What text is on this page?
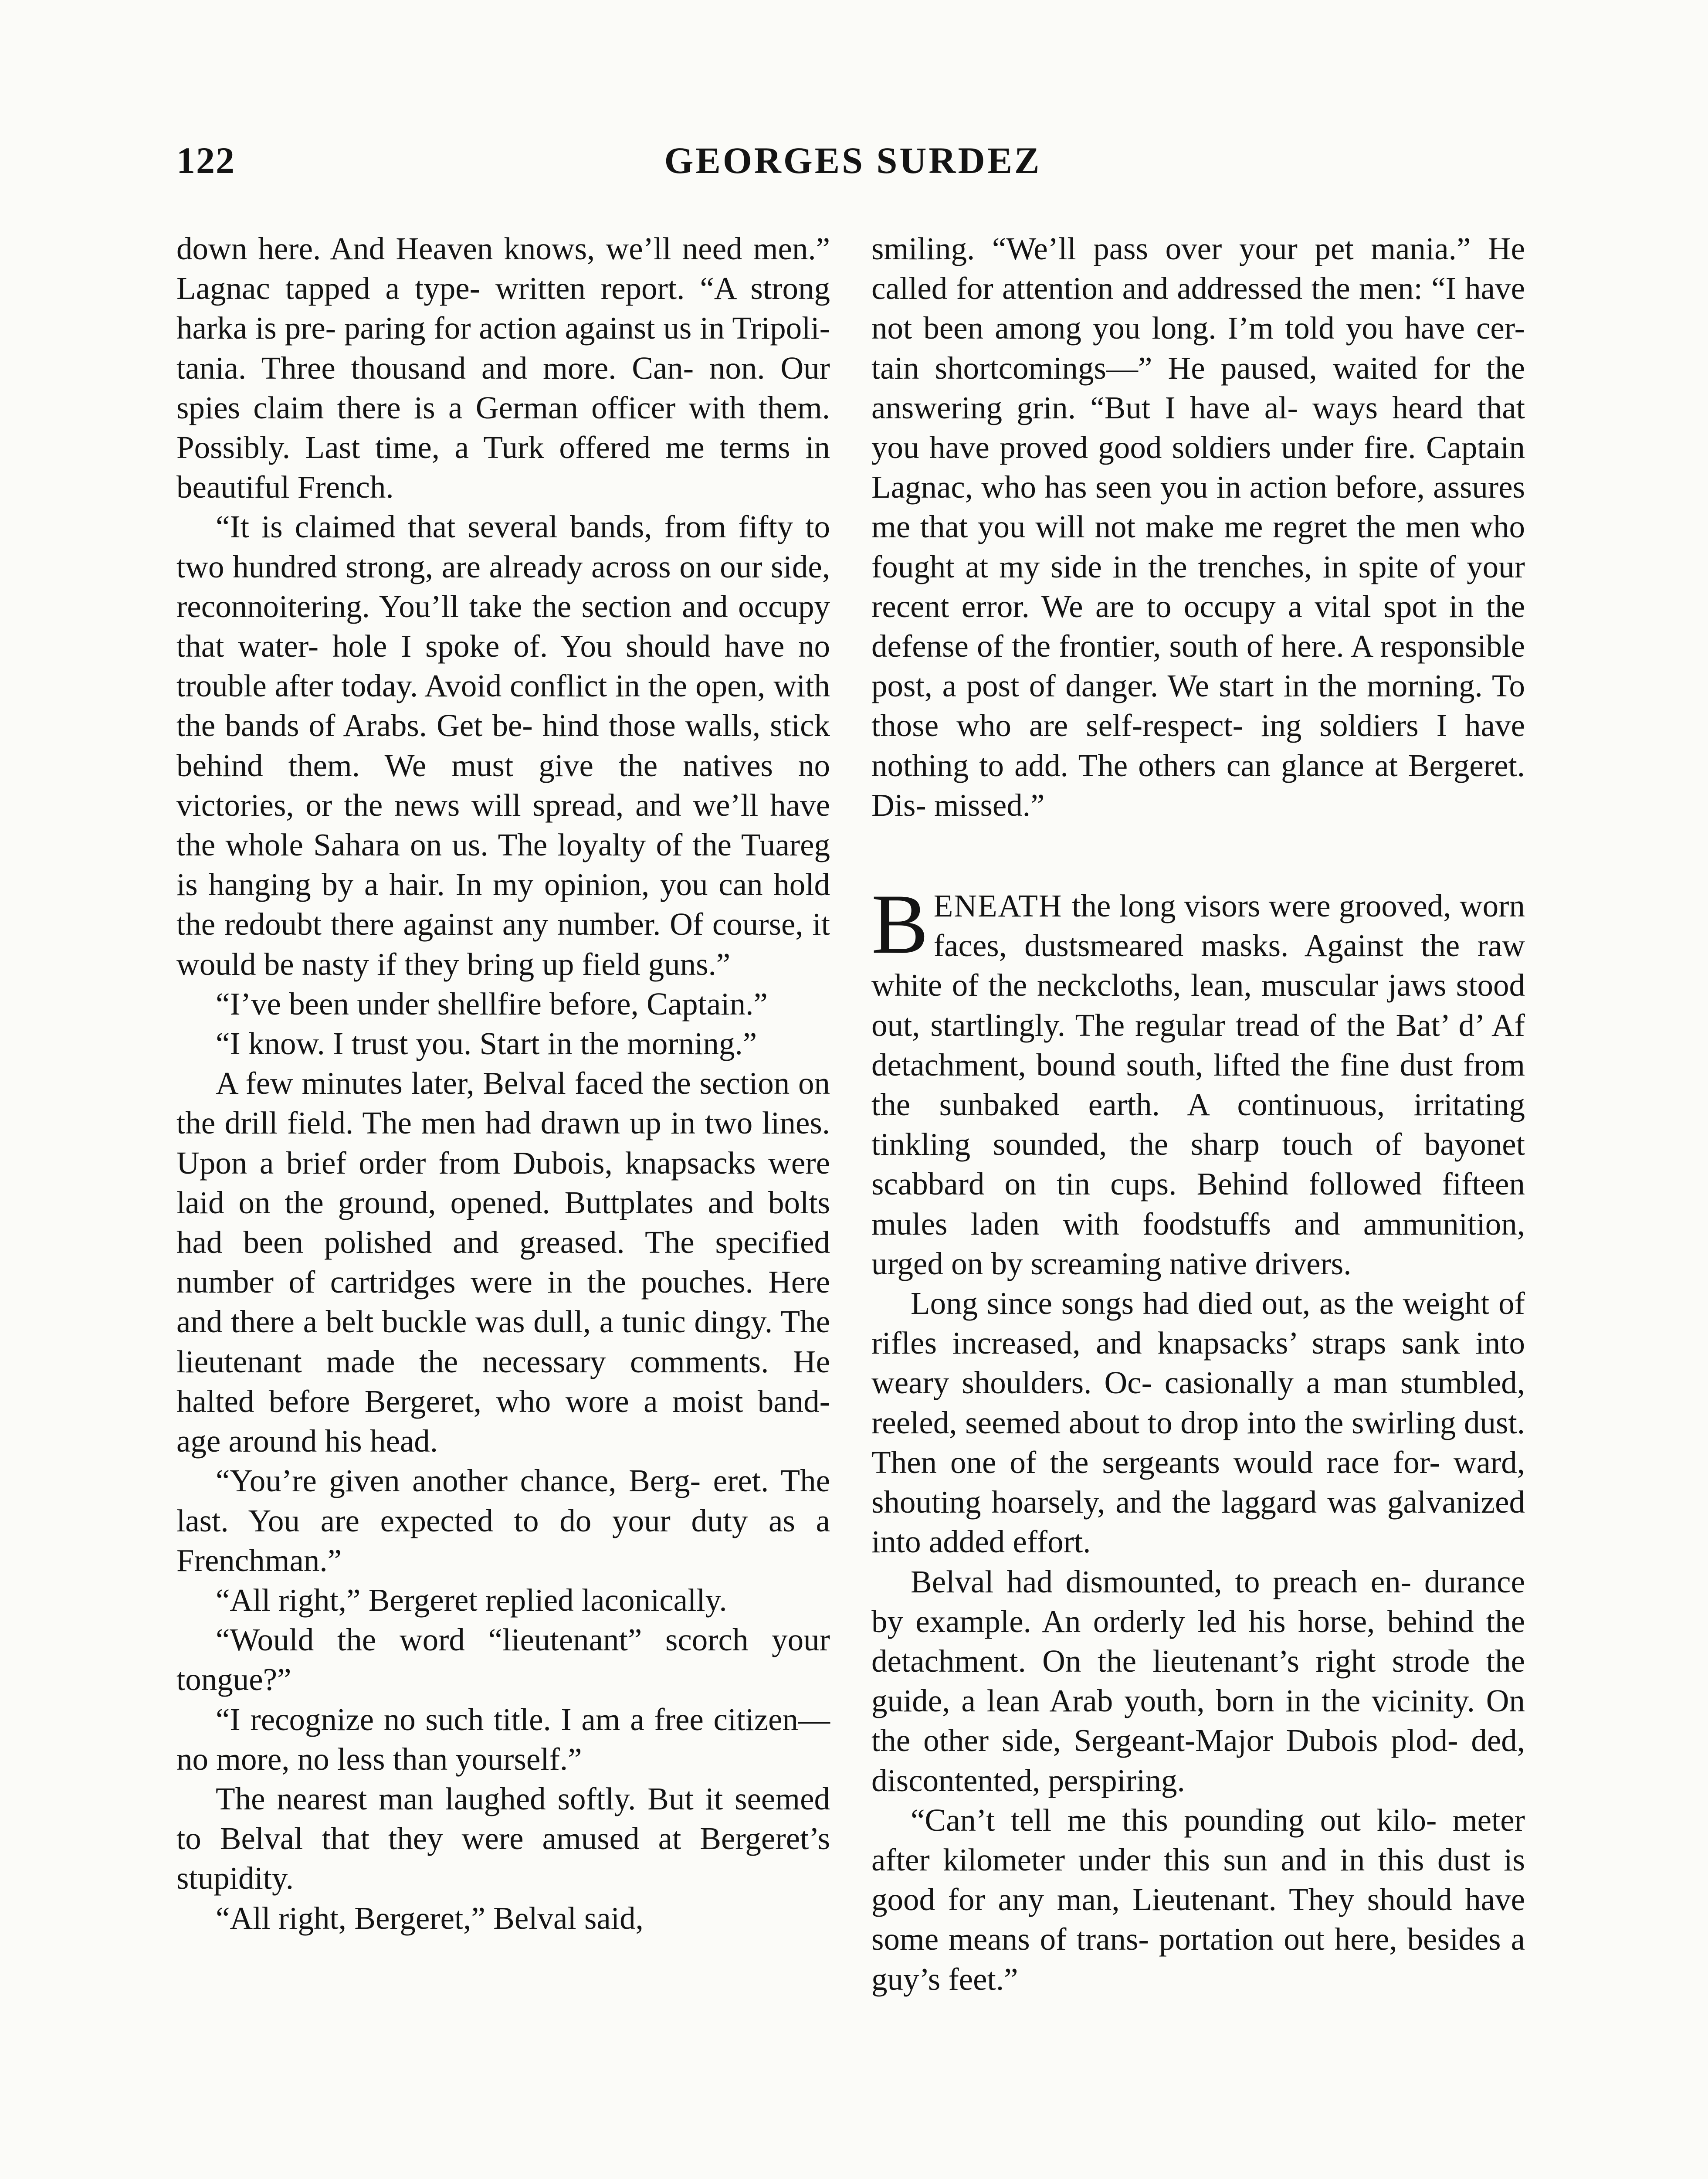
122	GEORGES SURDEZ

down here. And Heaven knows, we’ll need men.” Lagnac tapped a type- written report. “A strong harka is pre- paring for action against us in Tripoli- tania. Three thousand and more. Can- non. Our spies claim there is a German officer with them. Possibly. Last time, a Turk offered me terms in beautiful French.

“It is claimed that several bands, from fifty to two hundred strong, are already across on our side, reconnoitering. You’ll take the section and occupy that water- hole I spoke of. You should have no trouble after today. Avoid conflict in the open, with the bands of Arabs. Get be- hind those walls, stick behind them. We must give the natives no victories, or the news will spread, and we’ll have the whole Sahara on us. The loyalty of the Tuareg is hanging by a hair. In my opinion, you can hold the redoubt there against any number. Of course, it would be nasty if they bring up field guns.”

“I’ve been under shellfire before, Captain.”

“I know. I trust you. Start in the morning.”

A few minutes later, Belval faced the section on the drill field. The men had drawn up in two lines. Upon a brief order from Dubois, knapsacks were laid on the ground, opened. Buttplates and bolts had been polished and greased. The specified number of cartridges were in the pouches. Here and there a belt buckle was dull, a tunic dingy. The lieutenant made the necessary comments. He halted before Bergeret, who wore a moist band- age around his head.

“You’re given another chance, Berg- eret. The last. You are expected to do your duty as a Frenchman.”

“All right,” Bergeret replied laconically.

“Would the word “lieutenant” scorch your tongue?”

“I recognize no such title. I am a free citizen—no more, no less than yourself.”

The nearest man laughed softly. But it seemed to Belval that they were amused at Bergeret’s stupidity.

“All right, Bergeret,” Belval said,

smiling. “We’ll pass over your pet mania.” He called for attention and addressed the men: “I have not been among you long. I’m told you have cer- tain shortcomings—” He paused, waited for the answering grin. “But I have al- ways heard that you have proved good soldiers under fire. Captain Lagnac, who has seen you in action before, assures me that you will not make me regret the men who fought at my side in the trenches, in spite of your recent error. We are to occupy a vital spot in the defense of the frontier, south of here. A responsible post, a post of danger. We start in the morning. To those who are self-respect- ing soldiers I have nothing to add. The others can glance at Bergeret. Dis- missed.”

B ENEATH the long visors were grooved, worn faces, dustsmeared masks. Against the raw white of the neckcloths, lean, muscular jaws stood out, startlingly. The regular tread of the Bat’ d’ Af detachment, bound south, lifted the fine dust from the sunbaked earth. A continuous, irritating tinkling sounded, the sharp touch of bayonet scabbard on tin cups. Behind followed fifteen mules laden with foodstuffs and ammunition, urged on by screaming native drivers.

Long since songs had died out, as the weight of rifles increased, and knapsacks’ straps sank into weary shoulders. Oc- casionally a man stumbled, reeled, seemed about to drop into the swirling dust. Then one of the sergeants would race for- ward, shouting hoarsely, and the laggard was galvanized into added effort.

Belval had dismounted, to preach en- durance by example. An orderly led his horse, behind the detachment. On the lieutenant’s right strode the guide, a lean Arab youth, born in the vicinity. On the other side, Sergeant-Major Dubois plod- ded, discontented, perspiring.

“Can’t tell me this pounding out kilo- meter after kilometer under this sun and in this dust is good for any man, Lieutenant. They should have some means of trans- portation out here, besides a guy’s feet.”
